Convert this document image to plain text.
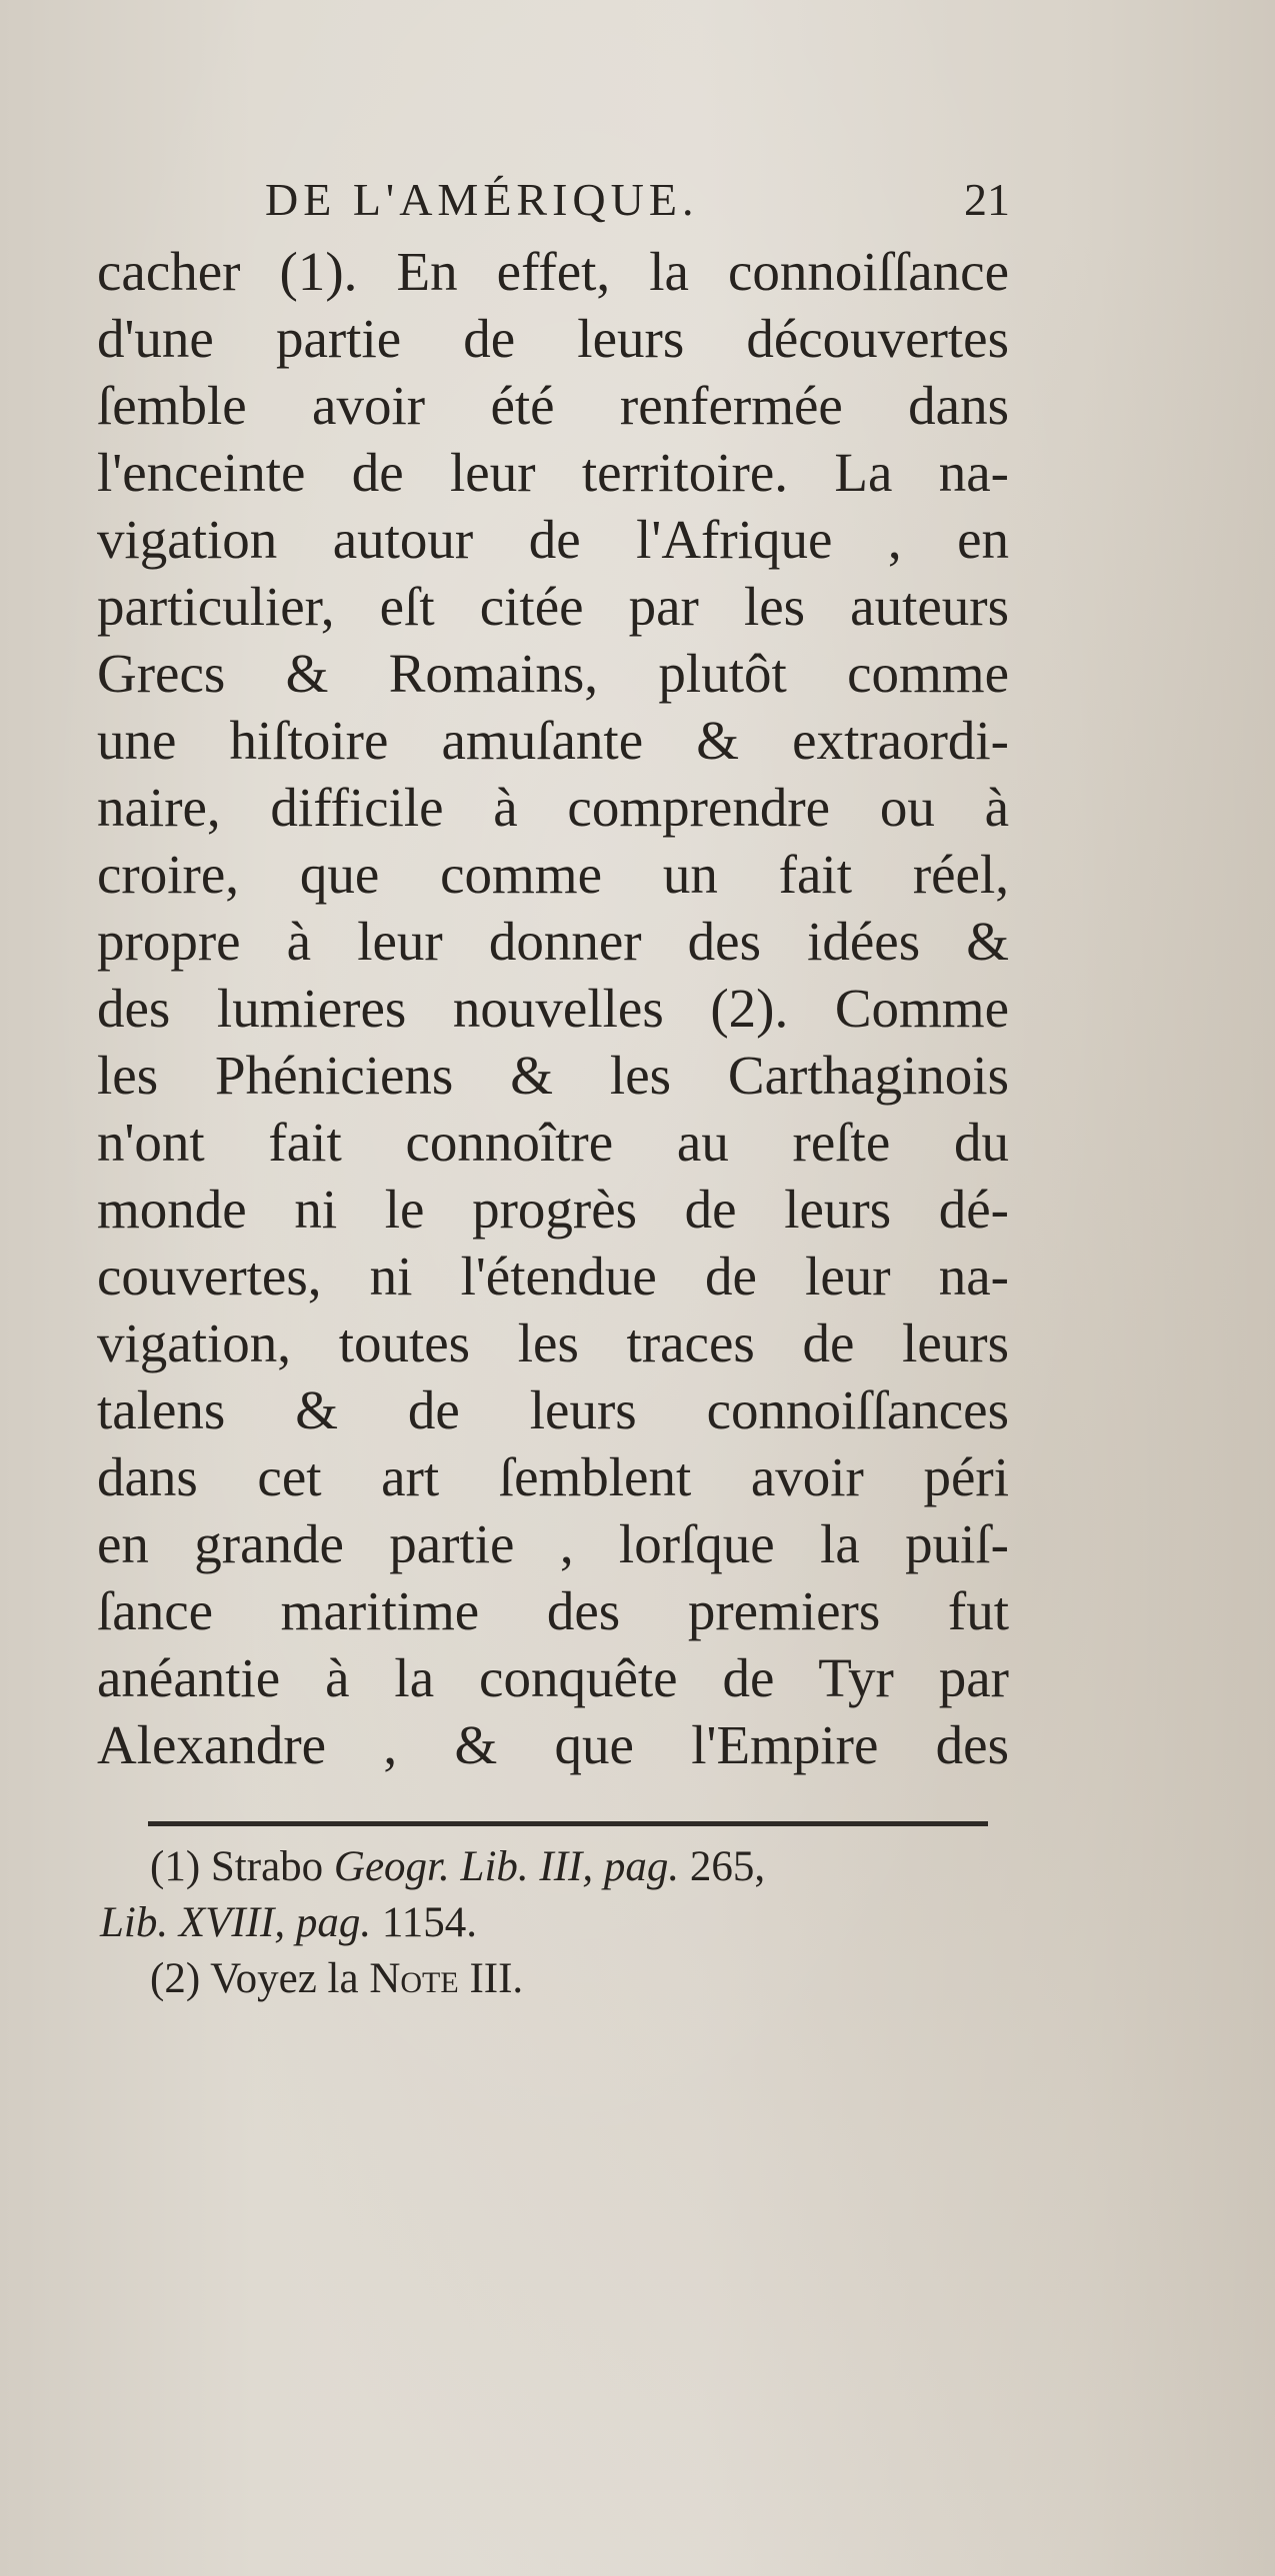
DE L'AMÉRIQUE.	21
cacher (1). En effet, la connoiſſance
d'une partie de leurs découvertes
ſemble avoir été renfermée dans
l'enceinte de leur territoire. La na-
vigation autour de l'Afrique , en
particulier, eſt citée par les auteurs
Grecs & Romains, plutôt comme
une hiſtoire amuſante & extraordi-
naire, difficile à comprendre ou à
croire, que comme un fait réel,
propre à leur donner des idées &
des lumieres nouvelles (2). Comme
les Phéniciens & les Carthaginois
n'ont fait connoître au reſte du
monde ni le progrès de leurs dé-
couvertes, ni l'étendue de leur na-
vigation, toutes les traces de leurs
talens & de leurs connoiſſances
dans cet art ſemblent avoir péri
en grande partie , lorſque la puiſ-
ſance maritime des premiers fut
anéantie à la conquête de Tyr par
Alexandre , & que l'Empire des
(1) Strabo Geogr. Lib. III, pag. 265,
Lib. XVIII, pag. 1154.
(2) Voyez la Note III.
